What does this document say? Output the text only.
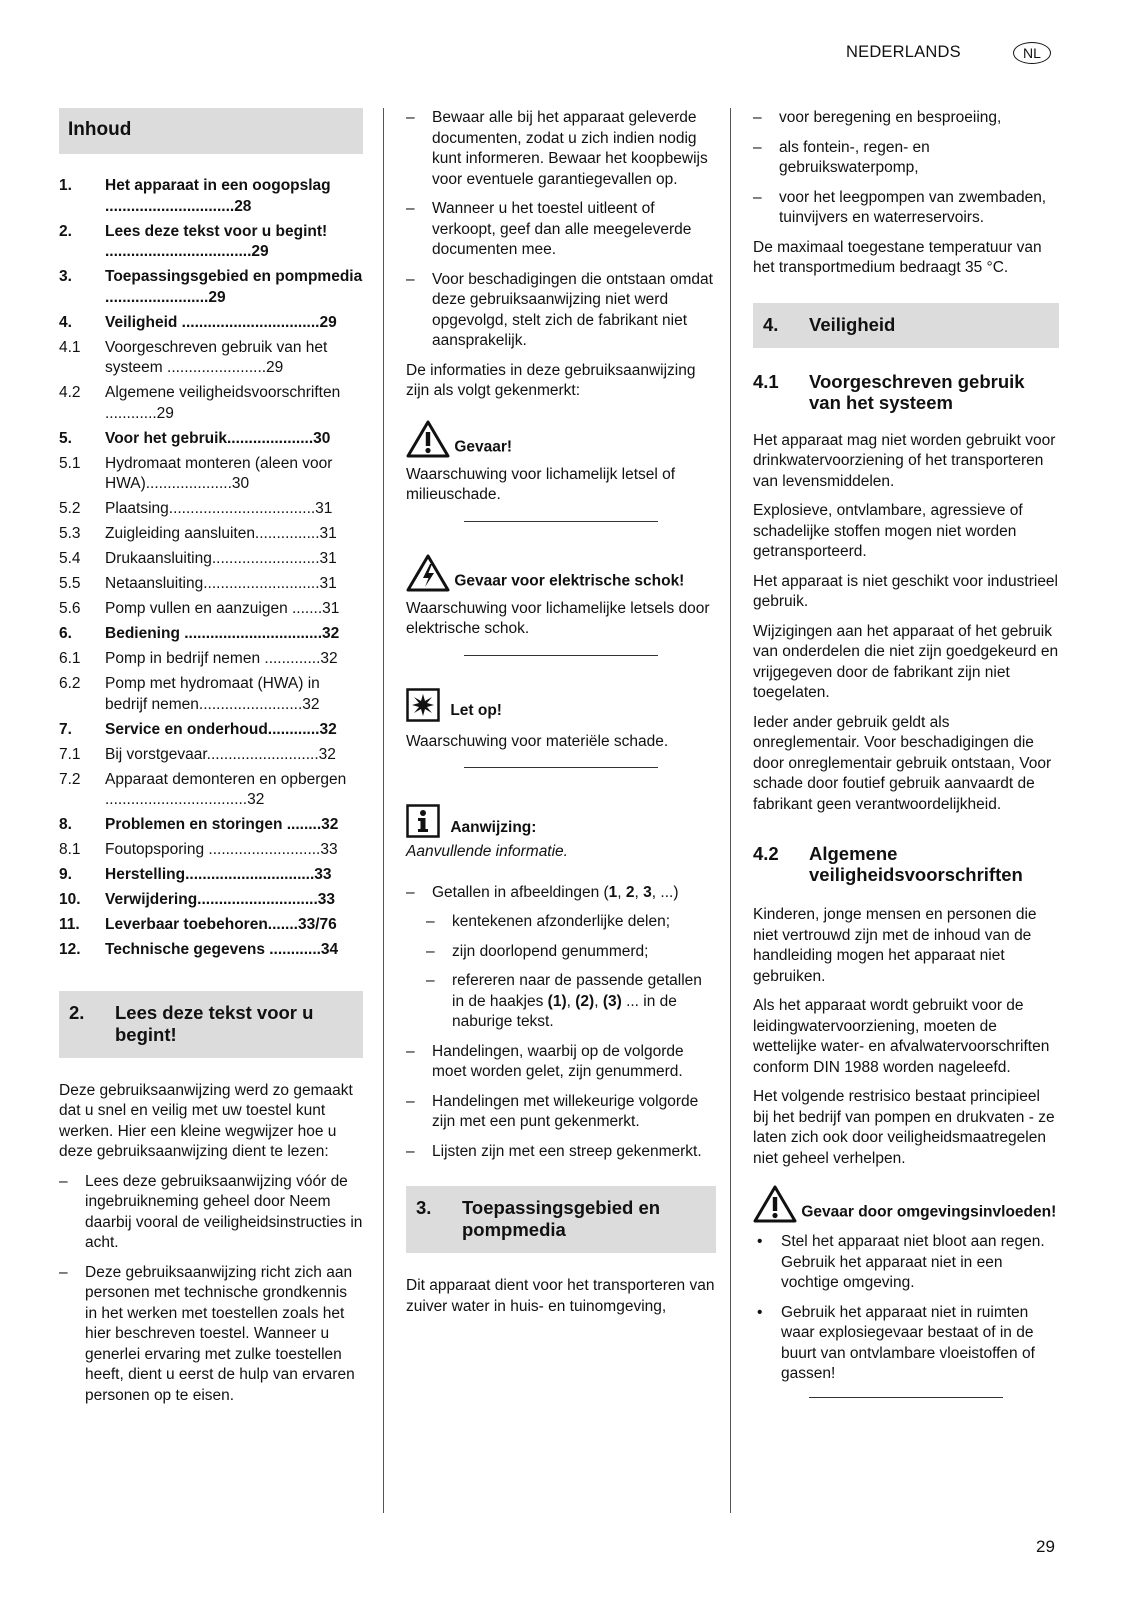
NEDERLANDS	NL
Inhoud
1.	Het apparaat in een oogopslag ..............................28
2.	Lees deze tekst voor u begint! ..................................29
3.	Toepassingsgebied en pompmedia ........................29
4.	Veiligheid ................................29
4.1	Voorgeschreven gebruik van het systeem .......................29
4.2	Algemene veiligheidsvoorschriften ............29
5.	Voor het gebruik....................30
5.1	Hydromaat monteren (aleen voor HWA)....................30
5.2	Plaatsing..................................31
5.3	Zuigleiding aansluiten...............31
5.4	Drukaansluiting.........................31
5.5	Netaansluiting...........................31
5.6	Pomp vullen en aanzuigen .......31
6.	Bediening ................................32
6.1	Pomp in bedrijf nemen .............32
6.2	Pomp met hydromaat (HWA) in bedrijf nemen........................32
7.	Service en onderhoud............32
7.1	Bij vorstgevaar..........................32
7.2	Apparaat demonteren en opbergen .................................32
8.	Problemen en storingen ........32
8.1	Foutopsporing ..........................33
9.	Herstelling..............................33
10.	Verwijdering............................33
11.	Leverbaar toebehoren.......33/76
12.	Technische gegevens ............34
2. Lees deze tekst voor u begint!

Deze gebruiksaanwijzing werd zo gemaakt dat u snel en veilig met uw toestel kunt werken. Hier een kleine wegwijzer hoe u deze gebruiksaanwijzing dient te lezen:

–	Lees deze gebruiksaanwijzing vóór de ingebruikneming geheel door Neem daarbij vooral de veiligheidsinstructies in acht.
–	Deze gebruiksaanwijzing richt zich aan personen met technische grondkennis in het werken met toestellen zoals het hier beschreven toestel. Wanneer u generlei ervaring met zulke toestellen heeft, dient u eerst de hulp van ervaren personen op te eisen.
–	Bewaar alle bij het apparaat geleverde documenten, zodat u zich indien nodig kunt informeren. Bewaar het koopbewijs voor eventuele garantiegevallen op.
–	Wanneer u het toestel uitleent of verkoopt, geef dan alle meegeleverde documenten mee.
–	Voor beschadigingen die ontstaan omdat deze gebruiksaanwijzing niet werd opgevolgd, stelt zich de fabrikant niet aansprakelijk.

De informaties in deze gebruiksaanwijzing zijn als volgt gekenmerkt:

Gevaar!

Waarschuwing voor lichamelijk letsel of milieuschade.

Gevaar voor elektrische schok!

Waarschuwing voor lichamelijke letsels door elektrische schok.

Let op!

Waarschuwing voor materiële schade.

Aanwijzing:

Aanvullende informatie.

–	Getallen in afbeeldingen (1, 2, 3, ...)
–	kentekenen afzonderlijke delen;
–	zijn doorlopend genummerd;
–	refereren naar de passende getallen in de haakjes (1), (2), (3) ... in de naburige tekst.
–	Handelingen, waarbij op de volgorde moet worden gelet, zijn genummerd.
–	Handelingen met willekeurige volgorde zijn met een punt gekenmerkt.
–	Lijsten zijn met een streep gekenmerkt.
3. Toepassingsgebied en pompmedia

Dit apparaat dient voor het transporteren van zuiver water in huis- en tuinomgeving,

–	voor beregening en besproeiing,
–	als fontein-, regen- en gebruikswaterpomp,
–	voor het leegpompen van zwembaden, tuinvijvers en waterreservoirs.

De maximaal toegestane temperatuur van het transportmedium bedraagt 35 °C.

4. Veiligheid
4.1	Voorgeschreven gebruik van het systeem

Het apparaat mag niet worden gebruikt voor drinkwatervoorziening of het transporteren van levensmiddelen.

Explosieve, ontvlambare, agressieve of schadelijke stoffen mogen niet worden getransporteerd.

Het apparaat is niet geschikt voor industrieel gebruik.

Wijzigingen aan het apparaat of het gebruik van onderdelen die niet zijn goedgekeurd en vrijgegeven door de fabrikant zijn niet toegelaten.

Ieder ander gebruik geldt als onreglementair. Voor beschadigingen die door onreglementair gebruik ontstaan, Voor schade door foutief gebruik aanvaardt de fabrikant geen verantwoordelijkheid.

4.2	Algemene veiligheidsvoorschriften

Kinderen, jonge mensen en personen die niet vertrouwd zijn met de inhoud van de handleiding mogen het apparaat niet gebruiken.

Als het apparaat wordt gebruikt voor de leidingwatervoorziening, moeten de wettelijke water- en afvalwatervoorschriften conform DIN 1988 worden nageleefd.

Het volgende restrisico bestaat principieel bij het bedrijf van pompen en drukvaten - ze laten zich ook door veiligheidsmaatregelen niet geheel verhelpen.

Gevaar door omgevingsinvloeden!
•	Stel het apparaat niet bloot aan regen. Gebruik het apparaat niet in een vochtige omgeving.
•	Gebruik het apparaat niet in ruimten waar explosiegevaar bestaat of in de buurt van ontvlambare vloeistoffen of gassen!
29
